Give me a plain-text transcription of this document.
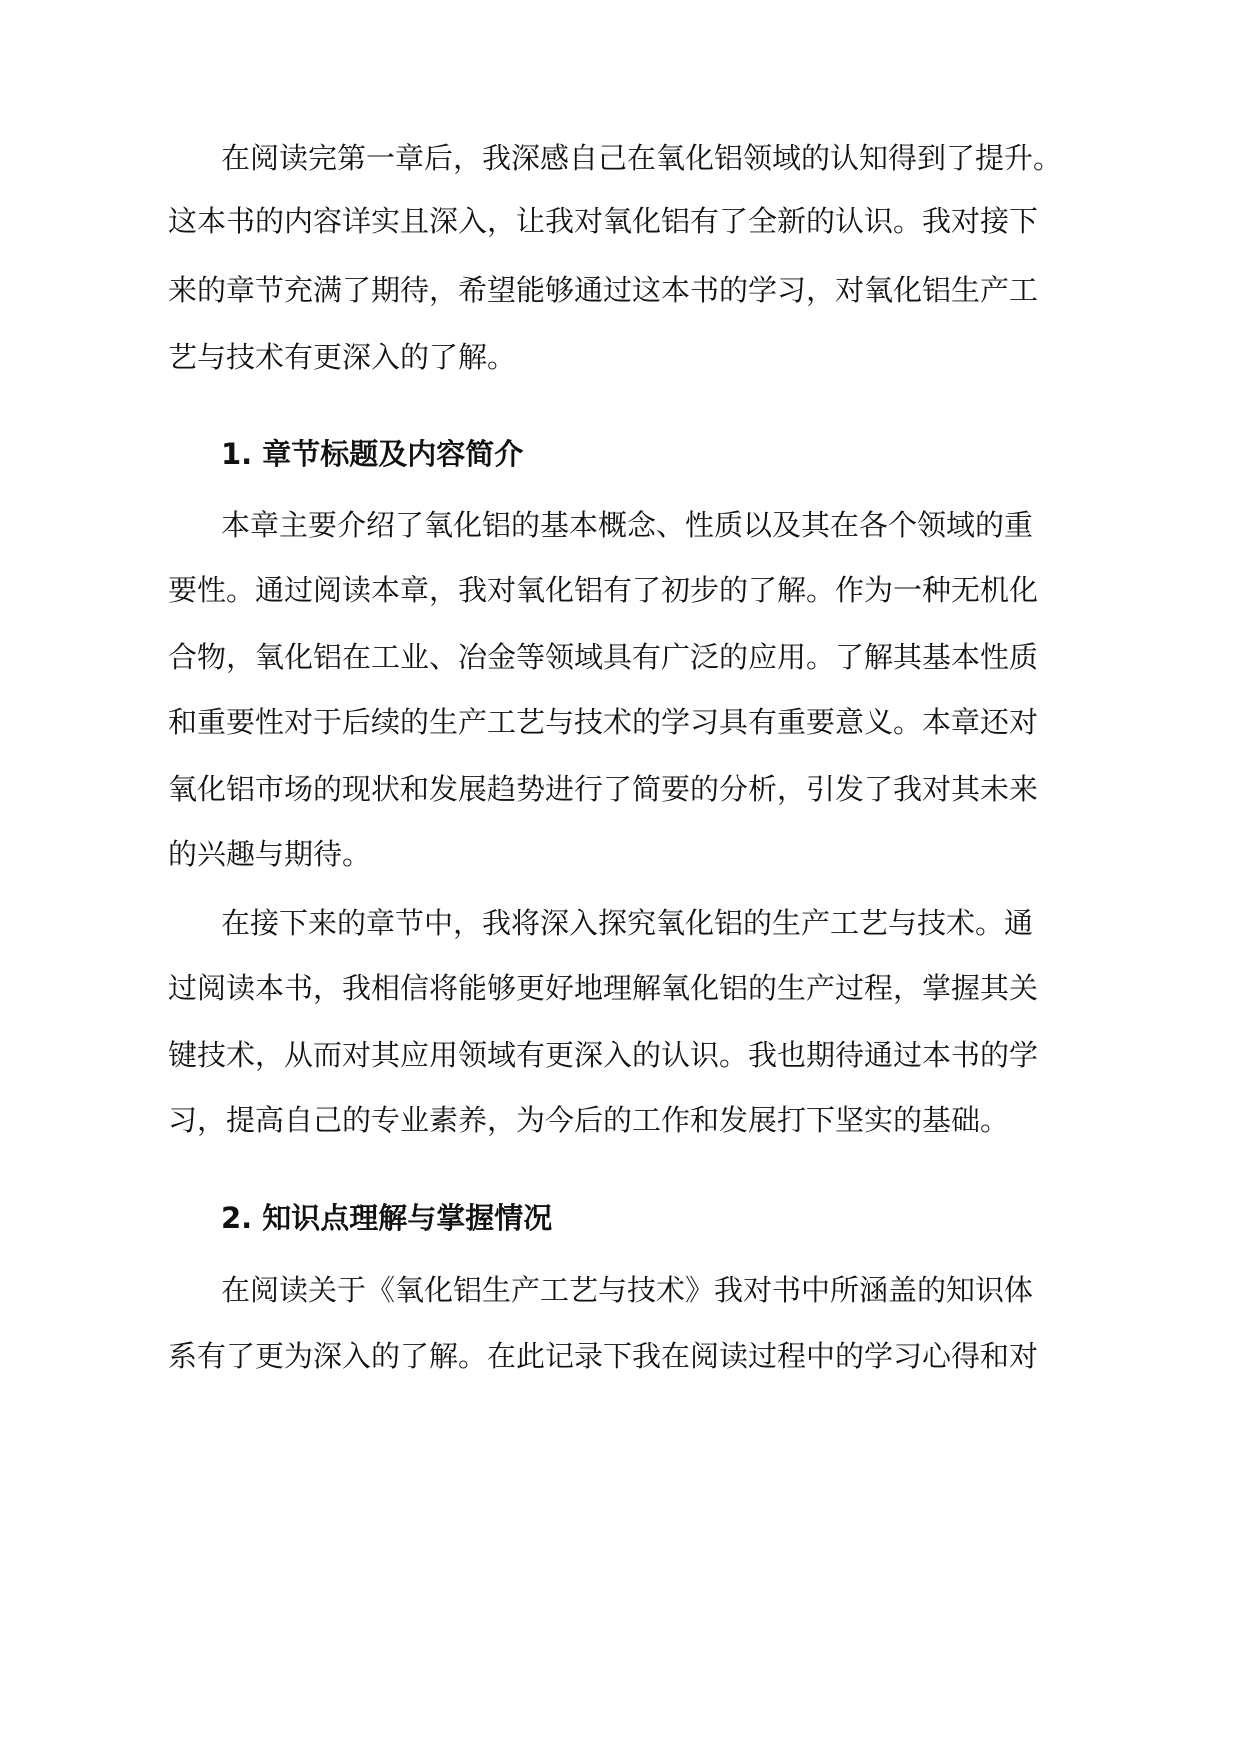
在阅读完第一章后，我深感自己在氧化铝领域的认知得到了提升。
这本书的内容详实且深入，让我对氧化铝有了全新的认识。我对接下
来的章节充满了期待，希望能够通过这本书的学习，对氧化铝生产工
艺与技术有更深入的了解。
1. 章节标题及内容简介
本章主要介绍了氧化铝的基本概念、性质以及其在各个领域的重
要性。通过阅读本章，我对氧化铝有了初步的了解。作为一种无机化
合物，氧化铝在工业、冶金等领域具有广泛的应用。了解其基本性质
和重要性对于后续的生产工艺与技术的学习具有重要意义。本章还对
氧化铝市场的现状和发展趋势进行了简要的分析，引发了我对其未来
的兴趣与期待。
在接下来的章节中，我将深入探究氧化铝的生产工艺与技术。通
过阅读本书，我相信将能够更好地理解氧化铝的生产过程，掌握其关
键技术，从而对其应用领域有更深入的认识。我也期待通过本书的学
习，提高自己的专业素养，为今后的工作和发展打下坚实的基础。
2. 知识点理解与掌握情况
在阅读关于《氧化铝生产工艺与技术》我对书中所涵盖的知识体
系有了更为深入的了解。在此记录下我在阅读过程中的学习心得和对
